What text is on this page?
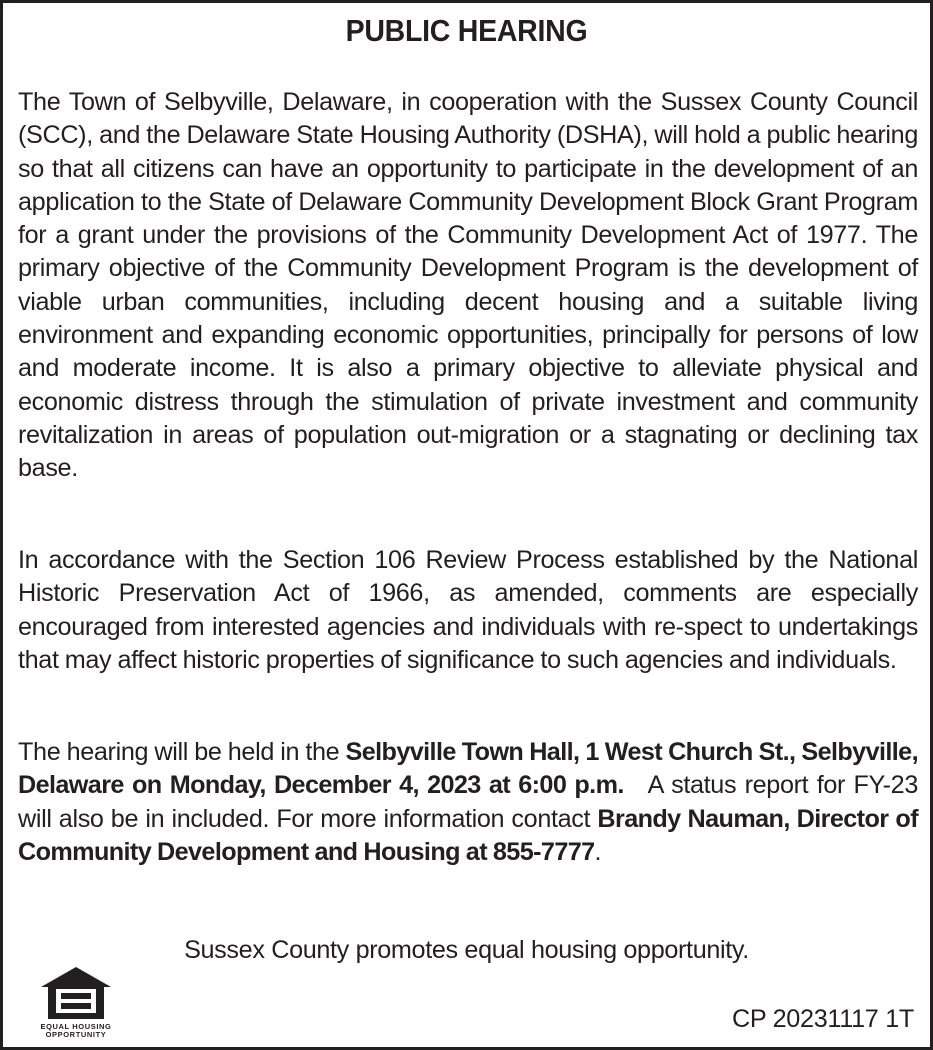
PUBLIC HEARING
The Town of Selbyville, Delaware, in cooperation with the Sussex County Council (SCC), and the Delaware State Housing Authority (DSHA), will hold a public hearing so that all citizens can have an opportunity to participate in the development of an application to the State of Delaware Community Development Block Grant Program for a grant under the provisions of the Community Development Act of 1977. The primary objective of the Community Development Program is the development of viable urban communities, including decent housing and a suitable living environment and expanding economic opportunities, principally for persons of low and moderate income. It is also a primary objective to alleviate physical and economic distress through the stimulation of private investment and community revitalization in areas of population out-migration or a stagnating or declining tax base.
In accordance with the Section 106 Review Process established by the National Historic Preservation Act of 1966, as amended, comments are especially encouraged from interested agencies and individuals with re-spect to undertakings that may affect historic properties of significance to such agencies and individuals.
The hearing will be held in the Selbyville Town Hall, 1 West Church St., Selbyville, Delaware on Monday, December 4, 2023 at 6:00 p.m.   A status report for FY-23 will also be in included. For more information contact Brandy Nauman, Director of Community Development and Housing at 855-7777.
Sussex County promotes equal housing opportunity.
EQUAL HOUSING
OPPORTUNITY
CP 20231117 1T
